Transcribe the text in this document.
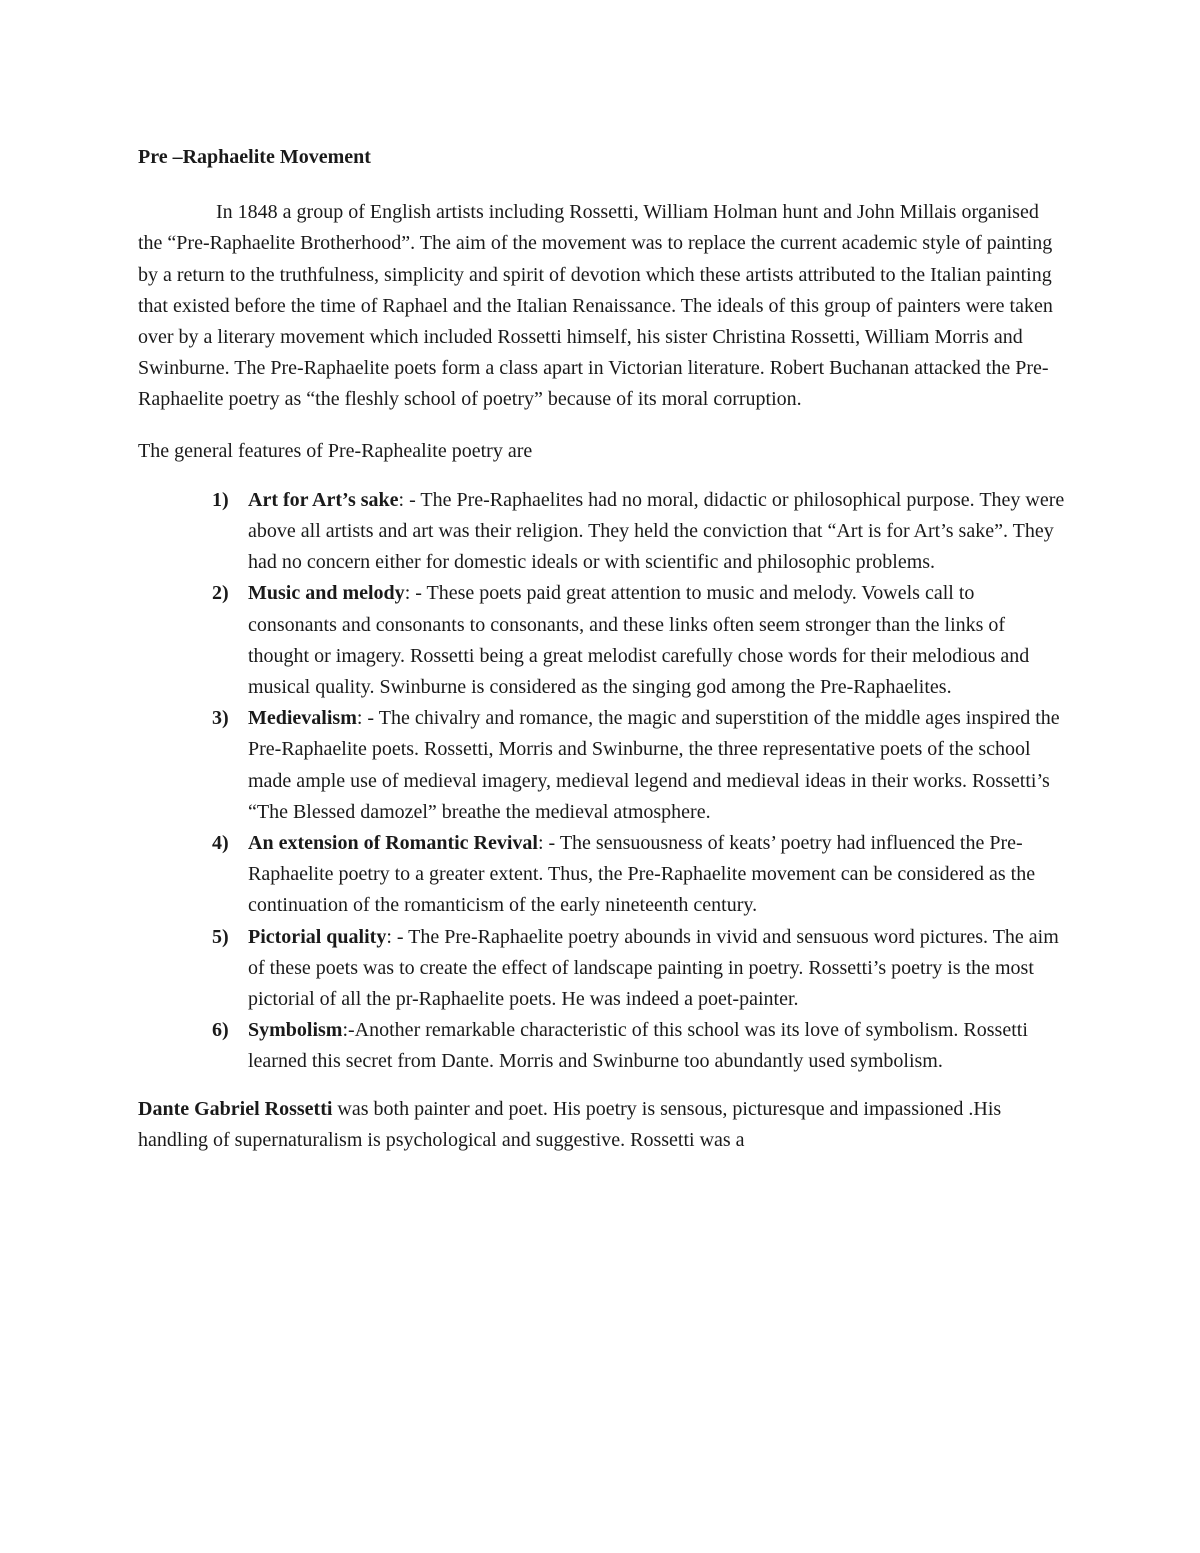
Pre –Raphaelite Movement

In 1848 a group of English artists including Rossetti, William Holman hunt and John Millais organised the “Pre-Raphaelite Brotherhood”. The aim of the movement was to replace the current academic style of painting by a return to the truthfulness, simplicity and spirit of devotion which these artists attributed to the Italian painting that existed before the time of Raphael and the Italian Renaissance. The ideals of this group of painters were taken over by a literary movement which included Rossetti himself, his sister Christina Rossetti, William Morris and Swinburne. The Pre-Raphaelite poets form a class apart in Victorian literature. Robert Buchanan attacked the Pre-Raphaelite poetry as “the fleshly school of poetry” because of its moral corruption.

The general features of Pre-Raphealite poetry are

1) Art for Art’s sake: - The Pre-Raphaelites had no moral, didactic or philosophical purpose. They were above all artists and art was their religion. They held the conviction that “Art is for Art’s sake”. They had no concern either for domestic ideals or with scientific and philosophic problems.
2) Music and melody: - These poets paid great attention to music and melody. Vowels call to consonants and consonants to consonants, and these links often seem stronger than the links of thought or imagery. Rossetti being a great melodist carefully chose words for their melodious and musical quality. Swinburne is considered as the singing god among the Pre-Raphaelites.
3) Medievalism: - The chivalry and romance, the magic and superstition of the middle ages inspired the Pre-Raphaelite poets. Rossetti, Morris and Swinburne, the three representative poets of the school made ample use of medieval imagery, medieval legend and medieval ideas in their works. Rossetti’s “The Blessed damozel” breathe the medieval atmosphere.
4) An extension of Romantic Revival: - The sensuousness of keats’ poetry had influenced the Pre-Raphaelite poetry to a greater extent. Thus, the Pre-Raphaelite movement can be considered as the continuation of the romanticism of the early nineteenth century.
5) Pictorial quality: - The Pre-Raphaelite poetry abounds in vivid and sensuous word pictures. The aim of these poets was to create the effect of landscape painting in poetry. Rossetti’s poetry is the most pictorial of all the pr-Raphaelite poets. He was indeed a poet-painter.
6) Symbolism:-Another remarkable characteristic of this school was its love of symbolism. Rossetti learned this secret from Dante. Morris and Swinburne too abundantly used symbolism.

Dante Gabriel Rossetti was both painter and poet. His poetry is sensous, picturesque and impassioned .His handling of supernaturalism is psychological and suggestive. Rossetti was a
